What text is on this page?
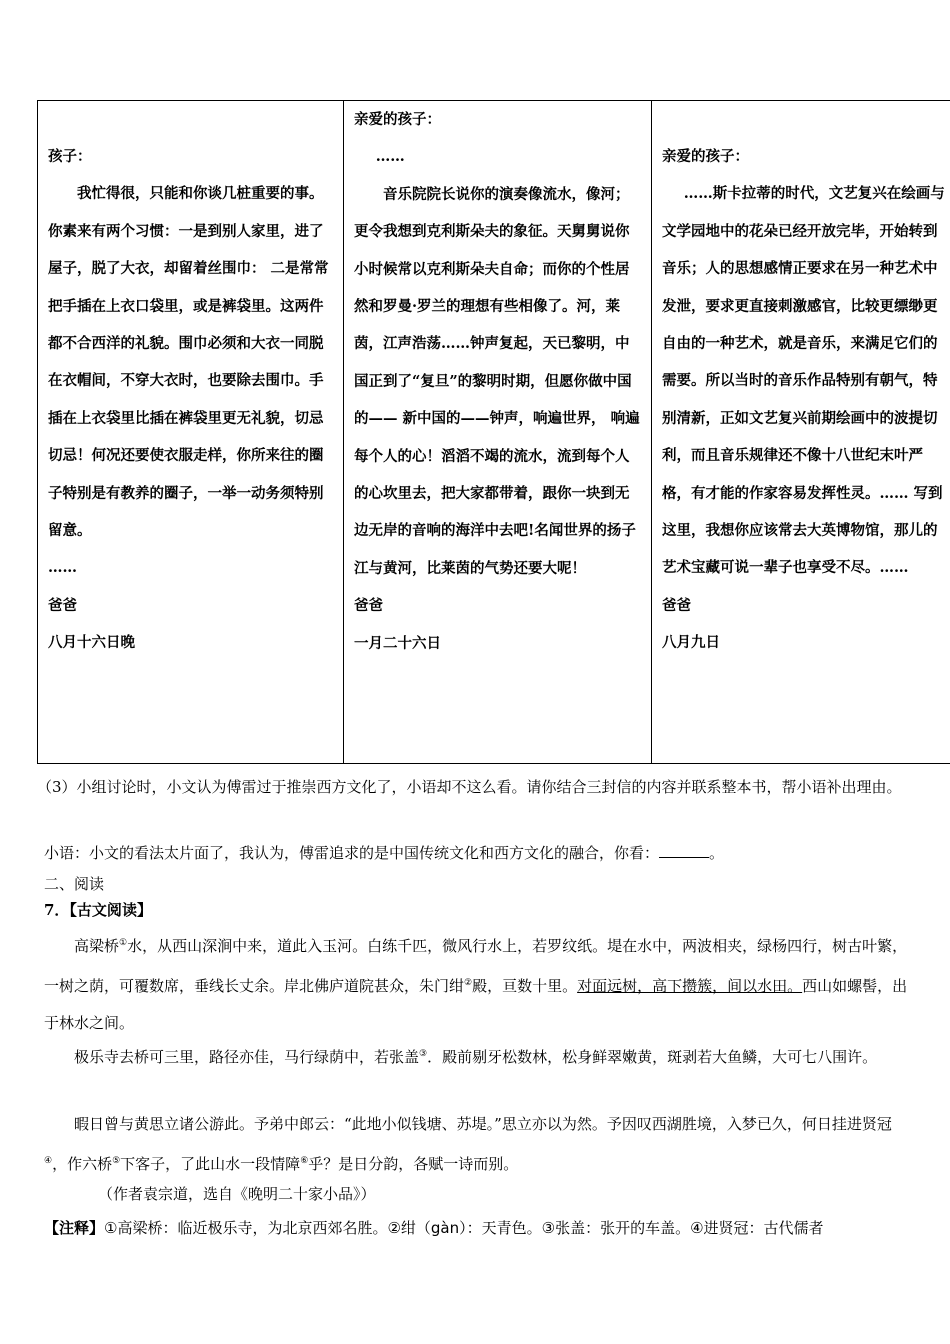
孩子：

我忙得很，只能和你谈几桩重要的事。你素来有两个习惯：一是到别人家里，进了屋子，脱了大衣，却留着丝围巾： 二是常常把手插在上衣口袋里，或是裤袋里。这两件都不合西洋的礼貌。围巾必须和大衣一同脱在衣帽间，不穿大衣时，也要除去围巾。手插在上衣袋里比插在裤袋里更无礼貌，切忌切忌！何况还要使衣服走样，你所来往的圈子特别是有教养的圈子，一举一动务须特别留意。

……

爸爸

八月十六日晚

亲爱的孩子：

……

音乐院院长说你的演奏像流水，像河；更令我想到克利斯朵夫的象征。天舅舅说你小时候常以克利斯朵夫自命；而你的个性居然和罗曼·罗兰的理想有些相像了。河，莱茵，江声浩荡……钟声复起，天已黎明，中国正到了“复旦”的黎明时期，但愿你做中国的—— 新中国的——钟声，响遍世界， 响遍每个人的心！滔滔不竭的流水，流到每个人的心坎里去，把大家都带着，跟你一块到无边无岸的音响的海洋中去吧!名闻世界的扬子江与黄河，比莱茵的气势还要大呢！

爸爸

一月二十六日

亲爱的孩子：

……斯卡拉蒂的时代，文艺复兴在绘画与文学园地中的花朵已经开放完毕，开始转到音乐；人的思想感情正要求在另一种艺术中发泄，要求更直接刺激感官，比较更缥缈更自由的一种艺术，就是音乐，来满足它们的需要。所以当时的音乐作品特别有朝气，特别清新，正如文艺复兴前期绘画中的波提切利，而且音乐规律还不像十八世纪末叶严格，有才能的作家容易发挥性灵。…… 写到这里，我想你应该常去大英博物馆，那儿的艺术宝藏可说一辈子也享受不尽。……

爸爸

八月九日

（3）小组讨论时，小文认为傅雷过于推崇西方文化了，小语却不这么看。请你结合三封信的内容并联系整本书，帮小语补出理由。
小语：小文的看法太片面了，我认为，傅雷追求的是中国传统文化和西方文化的融合，你看：	。
二、阅读
7．【古文阅读】
高梁桥①水，从西山深涧中来，道此入玉河。白练千匹，微风行水上，若罗纹纸。堤在水中，两波相夹，绿杨四行，树古叶繁，一树之荫，可覆数席，垂线长丈余。岸北佛庐道院甚众，朱门绀②殿，亘数十里。对面远树，高下攒簇，间以水田。西山如螺髻，出于林水之间。
极乐寺去桥可三里，路径亦佳，马行绿荫中，若张盖③．殿前剔牙松数林，松身鲜翠嫩黄，斑剥若大鱼鳞，大可七八围许。
暇日曾与黄思立诸公游此。予弟中郎云：“此地小似钱塘、苏堤。”思立亦以为然。予因叹西湖胜境，入梦已久，何日挂进贤冠④，作六桥⑤下客子，了此山水一段情障⑥乎？是日分韵，各赋一诗而别。
（作者袁宗道，选自《晚明二十家小品》）
【注释】①高梁桥：临近极乐寺，为北京西郊名胜。②绀（gàn）：天青色。③张盖：张开的车盖。④进贤冠：古代儒者
